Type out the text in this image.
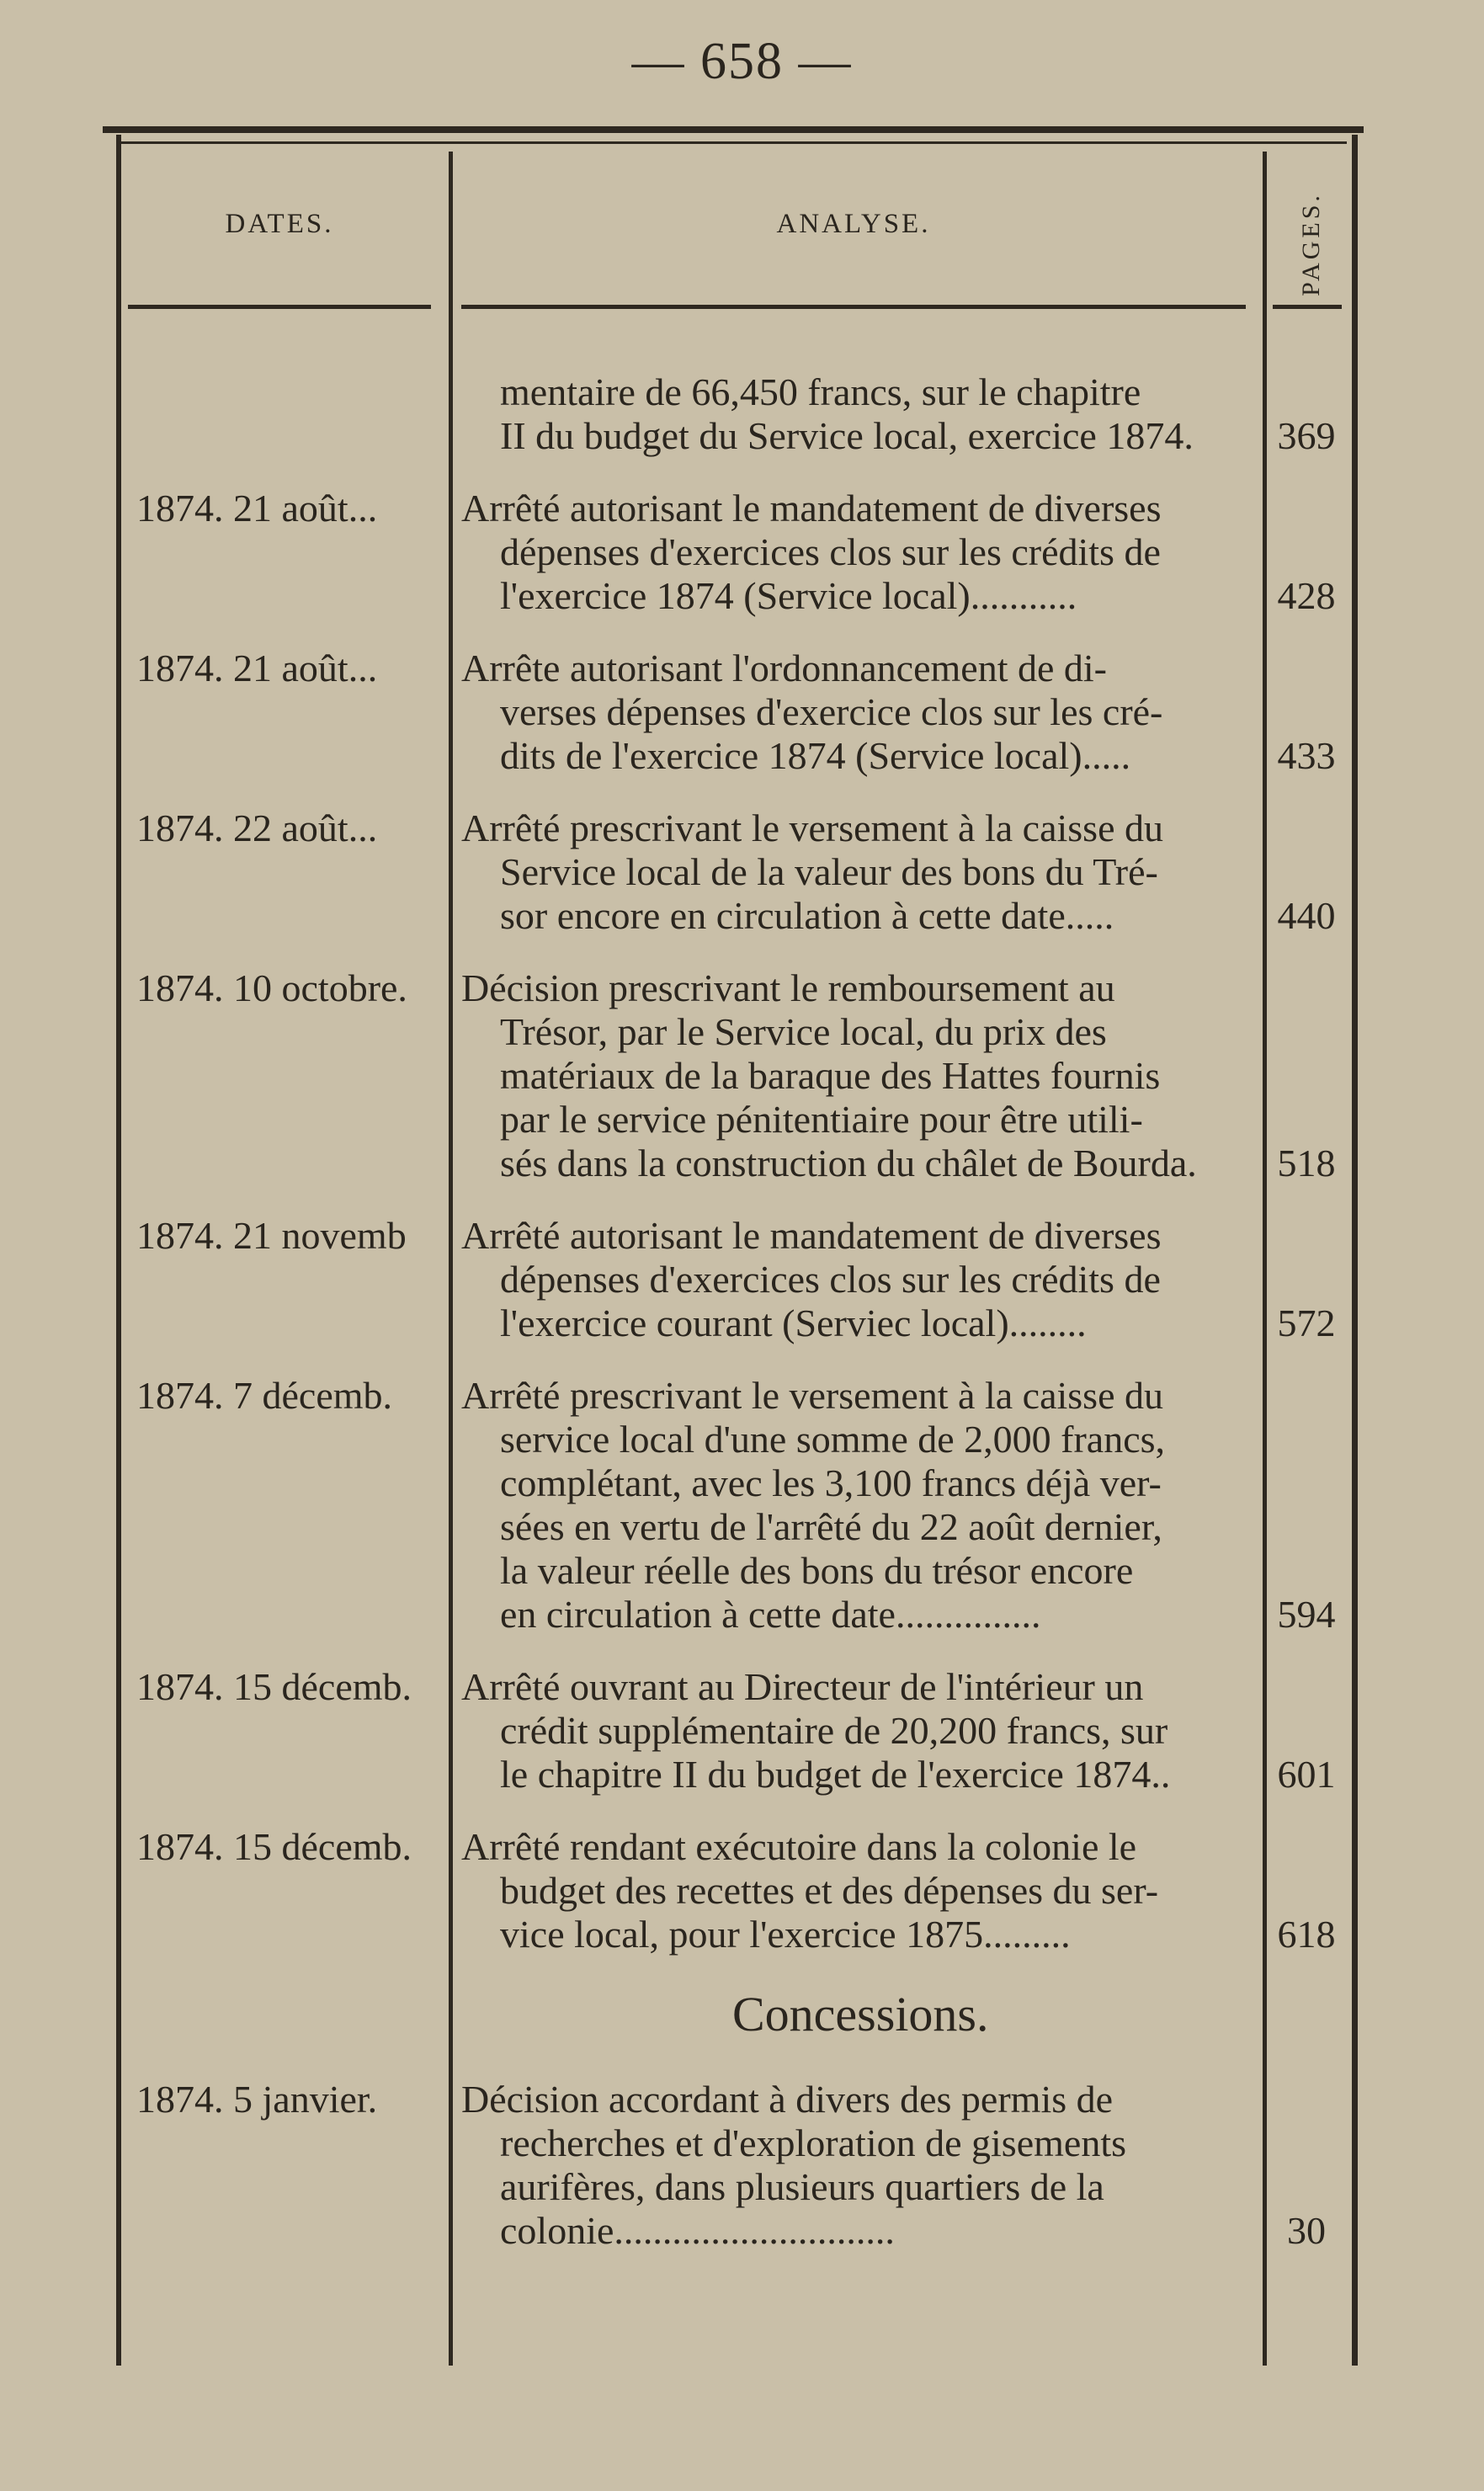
— 658 —
DATES.	ANALYSE.	PAGES.
mentaire de 66,450 francs, sur le chapitre
II du budget du Service local, exercice 1874.	369
1874. 21 août...	Arrêté autorisant le mandatement de diverses
dépenses d'exercices clos sur les crédits de
l'exercice 1874 (Service local)...........	428
1874. 21 août...	Arrête autorisant l'ordonnancement de di-
verses dépenses d'exercice clos sur les cré-
dits de l'exercice 1874 (Service local).....	433
1874. 22 août...	Arrêté prescrivant le versement à la caisse du
Service local de la valeur des bons du Tré-
sor encore en circulation à cette date.....	440
1874. 10 octobre.	Décision prescrivant le remboursement au
Trésor, par le Service local, du prix des
matériaux de la baraque des Hattes fournis
par le service pénitentiaire pour être utili-
sés dans la construction du châlet de Bourda.	518
1874. 21 novemb	Arrêté autorisant le mandatement de diverses
dépenses d'exercices clos sur les crédits de
l'exercice courant (Serviec local)........	572
1874. 7 décemb.	Arrêté prescrivant le versement à la caisse du
service local d'une somme de 2,000 francs,
complétant, avec les 3,100 francs déjà ver-
sées en vertu de l'arrêté du 22 août dernier,
la valeur réelle des bons du trésor encore
en circulation à cette date...............	594
1874. 15 décemb.	Arrêté ouvrant au Directeur de l'intérieur un
crédit supplémentaire de 20,200 francs, sur
le chapitre II du budget de l'exercice 1874..	601
1874. 15 décemb.	Arrêté rendant exécutoire dans la colonie le
budget des recettes et des dépenses du ser-
vice local, pour l'exercice 1875.........	618
Concessions.
1874. 5 janvier.	Décision accordant à divers des permis de
recherches et d'exploration de gisements
aurifères, dans plusieurs quartiers de la
colonie.............................	30
